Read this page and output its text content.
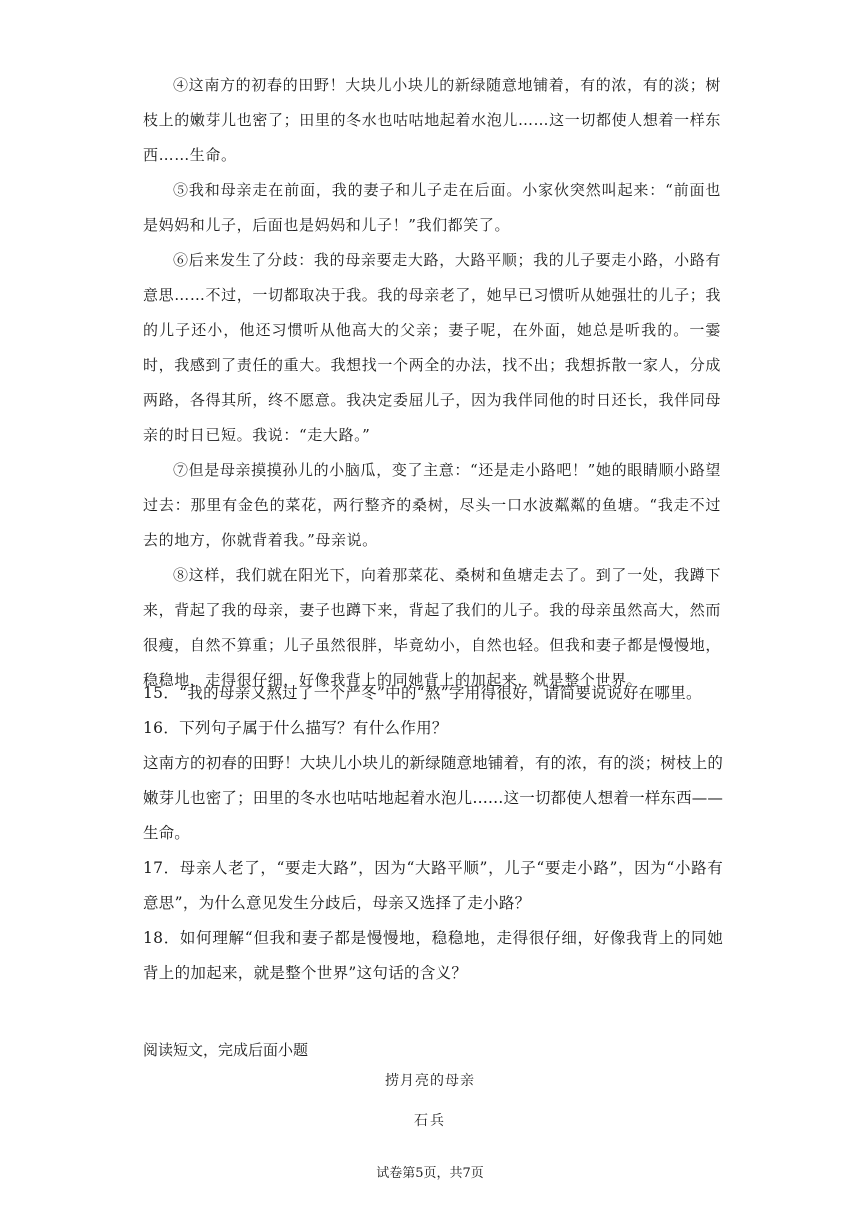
④这南方的初春的田野！大块儿小块儿的新绿随意地铺着，有的浓，有的淡；树枝上的嫩芽儿也密了；田里的冬水也咕咕地起着水泡儿……这一切都使人想着一样东西……生命。

⑤我和母亲走在前面，我的妻子和儿子走在后面。小家伙突然叫起来：“前面也是妈妈和儿子，后面也是妈妈和儿子！”我们都笑了。

⑥后来发生了分歧：我的母亲要走大路，大路平顺；我的儿子要走小路，小路有意思……不过，一切都取决于我。我的母亲老了，她早已习惯听从她强壮的儿子；我的儿子还小，他还习惯听从他高大的父亲；妻子呢，在外面，她总是听我的。一霎时，我感到了责任的重大。我想找一个两全的办法，找不出；我想拆散一家人，分成两路，各得其所，终不愿意。我决定委屈儿子，因为我伴同他的时日还长，我伴同母亲的时日已短。我说：“走大路。”

⑦但是母亲摸摸孙儿的小脑瓜，变了主意：“还是走小路吧！”她的眼睛顺小路望过去：那里有金色的菜花，两行整齐的桑树，尽头一口水波粼粼的鱼塘。“我走不过去的地方，你就背着我。”母亲说。

⑧这样，我们就在阳光下，向着那菜花、桑树和鱼塘走去了。到了一处，我蹲下来，背起了我的母亲，妻子也蹲下来，背起了我们的儿子。我的母亲虽然高大，然而很瘦，自然不算重；儿子虽然很胖，毕竟幼小，自然也轻。但我和妻子都是慢慢地，稳稳地，走得很仔细，好像我背上的同她背上的加起来，就是整个世界。

15．“我的母亲又熬过了一个严冬”中的“熬”字用得很好，请简要说说好在哪里。

16．下列句子属于什么描写？有什么作用？

这南方的初春的田野！大块儿小块儿的新绿随意地铺着，有的浓，有的淡；树枝上的嫩芽儿也密了；田里的冬水也咕咕地起着水泡儿……这一切都使人想着一样东西——生命。

17．母亲人老了，“要走大路”，因为“大路平顺”，儿子“要走小路”，因为“小路有意思”，为什么意见发生分歧后，母亲又选择了走小路？

18．如何理解“但我和妻子都是慢慢地，稳稳地，走得很仔细，好像我背上的同她背上的加起来，就是整个世界”这句话的含义？

阅读短文，完成后面小题
捞月亮的母亲
石兵
试卷第5页，共7页
